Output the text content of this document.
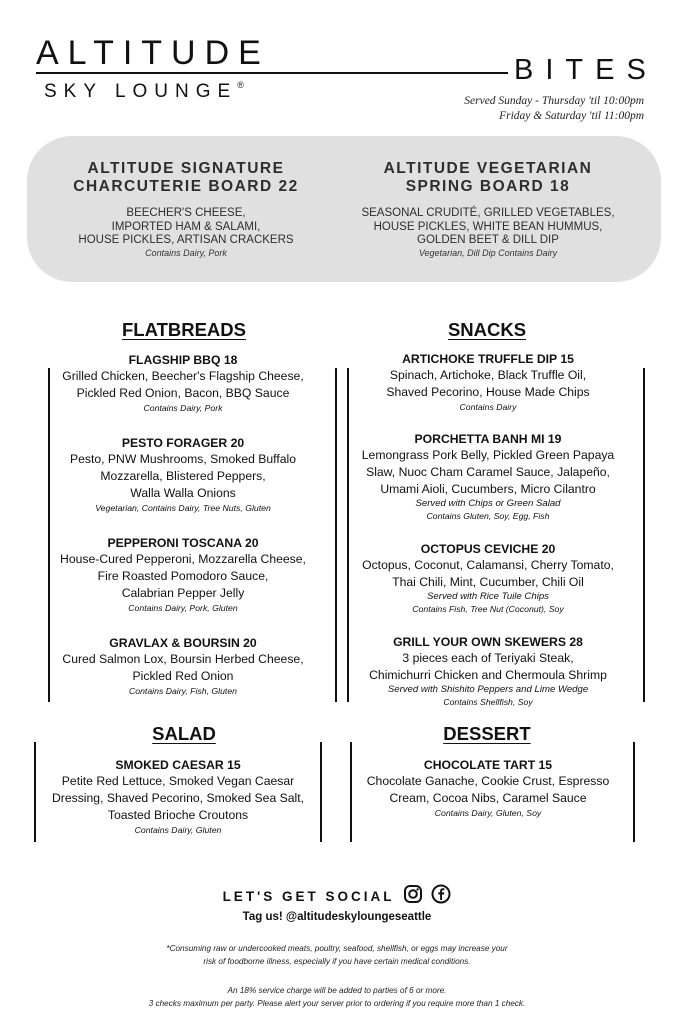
ALTITUDE
SKY LOUNGE®	BITES
Served Sunday - Thursday 'til 10:00pm
Friday & Saturday 'til 11:00pm
ALTITUDE SIGNATURE
CHARCUTERIE BOARD 22
BEECHER'S CHEESE,
IMPORTED HAM & SALAMI,
HOUSE PICKLES, ARTISAN CRACKERS
Contains Dairy, Pork
ALTITUDE VEGETARIAN
SPRING BOARD 18
SEASONAL CRUDITÉ, GRILLED VEGETABLES,
HOUSE PICKLES, WHITE BEAN HUMMUS,
GOLDEN BEET & DILL DIP
Vegetarian, Dill Dip Contains Dairy
FLATBREADS	SNACKS
SALAD	DESSERT
FLAGSHIP BBQ 18
Grilled Chicken, Beecher's Flagship Cheese,
Pickled Red Onion, Bacon, BBQ Sauce
Contains Dairy, Pork
PESTO FORAGER 20
Pesto, PNW Mushrooms, Smoked Buffalo
Mozzarella, Blistered Peppers,
Walla Walla Onions
Vegetarian, Contains Dairy, Tree Nuts, Gluten
PEPPERONI TOSCANA 20
House-Cured Pepperoni, Mozzarella Cheese,
Fire Roasted Pomodoro Sauce,
Calabrian Pepper Jelly
Contains Dairy, Pork, Gluten
GRAVLAX & BOURSIN 20
Cured Salmon Lox, Boursin Herbed Cheese,
Pickled Red Onion
Contains Dairy, Fish, Gluten
ARTICHOKE TRUFFLE DIP 15
Spinach, Artichoke, Black Truffle Oil,
Shaved Pecorino, House Made Chips
Contains Dairy
PORCHETTA BANH MI 19
Lemongrass Pork Belly, Pickled Green Papaya
Slaw, Nuoc Cham Caramel Sauce, Jalapeño,
Umami Aioli, Cucumbers, Micro Cilantro
Served with Chips or Green Salad
Contains Gluten, Soy, Egg, Fish
OCTOPUS CEVICHE 20
Octopus, Coconut, Calamansi, Cherry Tomato,
Thai Chili, Mint, Cucumber, Chili Oil
Served with Rice Tuile Chips
Contains Fish, Tree Nut (Coconut), Soy
GRILL YOUR OWN SKEWERS 28
3 pieces each of Teriyaki Steak,
Chimichurri Chicken and Chermoula Shrimp
Served with Shishito Peppers and Lime Wedge
Contains Shellfish, Soy
SMOKED CAESAR 15
Petite Red Lettuce, Smoked Vegan Caesar
Dressing, Shaved Pecorino, Smoked Sea Salt,
Toasted Brioche Croutons
Contains Dairy, Gluten
CHOCOLATE TART 15
Chocolate Ganache, Cookie Crust, Espresso
Cream, Cocoa Nibs, Caramel Sauce
Contains Dairy, Gluten, Soy
LET'S GET SOCIAL
Tag us! @altitudeskyloungeseattle
*Consuming raw or undercooked meats, poultry, seafood, shellfish, or eggs may increase your
risk of foodborne illness, especially if you have certain medical conditions.
An 18% service charge will be added to parties of 6 or more.
3 checks maximum per party. Please alert your server prior to ordering if you require more than 1 check.
